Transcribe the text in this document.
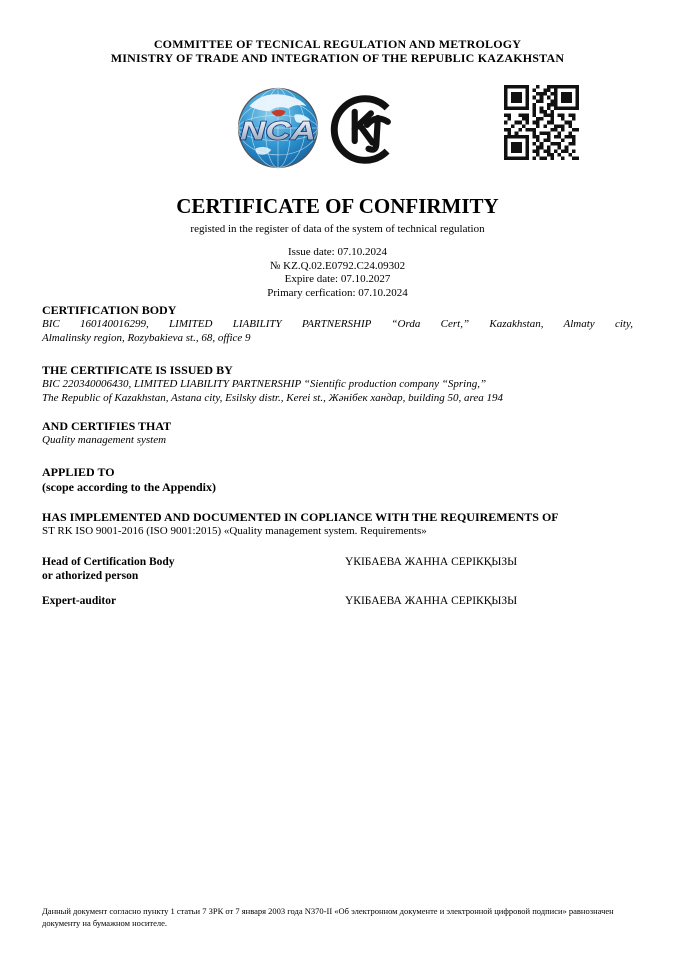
COMMITTEE OF TECNICAL REGULATION AND METROLOGY
MINISTRY OF TRADE AND INTEGRATION OF THE REPUBLIC KAZAKHSTAN
NCA
CERTIFICATE OF CONFIRMITY
registed in the register of data of the system of technical regulation
Issue date: 07.10.2024
№ KZ.Q.02.E0792.C24.09302
Expire date: 07.10.2027
Primary cerfication: 07.10.2024
CERTIFICATION BODY
BIC 160140016299, LIMITED LIABILITY PARTNERSHIP “Orda Cert,” Kazakhstan, Almaty city,
Almalinsky region, Rozybakieva st., 68, office 9
THE CERTIFICATE IS ISSUED BY
BIC 220340006430, LIMITED LIABILITY PARTNERSHIP “Sientific production company “Spring,”
The Republic of Kazakhstan, Astana city, Esilsky distr., Kerei st., Жәнібек хандар, building 50, area 194
AND CERTIFIES THAT
Quality management system
APPLIED TO
(scope according to the Appendix)
HAS IMPLEMENTED AND DOCUMENTED IN COPLIANCE WITH THE REQUIREMENTS OF
ST RK ISO 9001-2016 (ISO 9001:2015) «Quality management system. Requirements»
Head of Certification Body
or athorized person
ҮКІБАЕВА ЖАННА СЕРІКҚЫЗЫ
Expert-auditor	ҮКІБАЕВА ЖАННА СЕРІКҚЫЗЫ
Данный документ согласно пункту 1 статьи 7 ЗРК от 7 января 2003 года N370-II «Об электронном документе и электронной цифровой подписи» равнозначен документу на бумажном носителе.
